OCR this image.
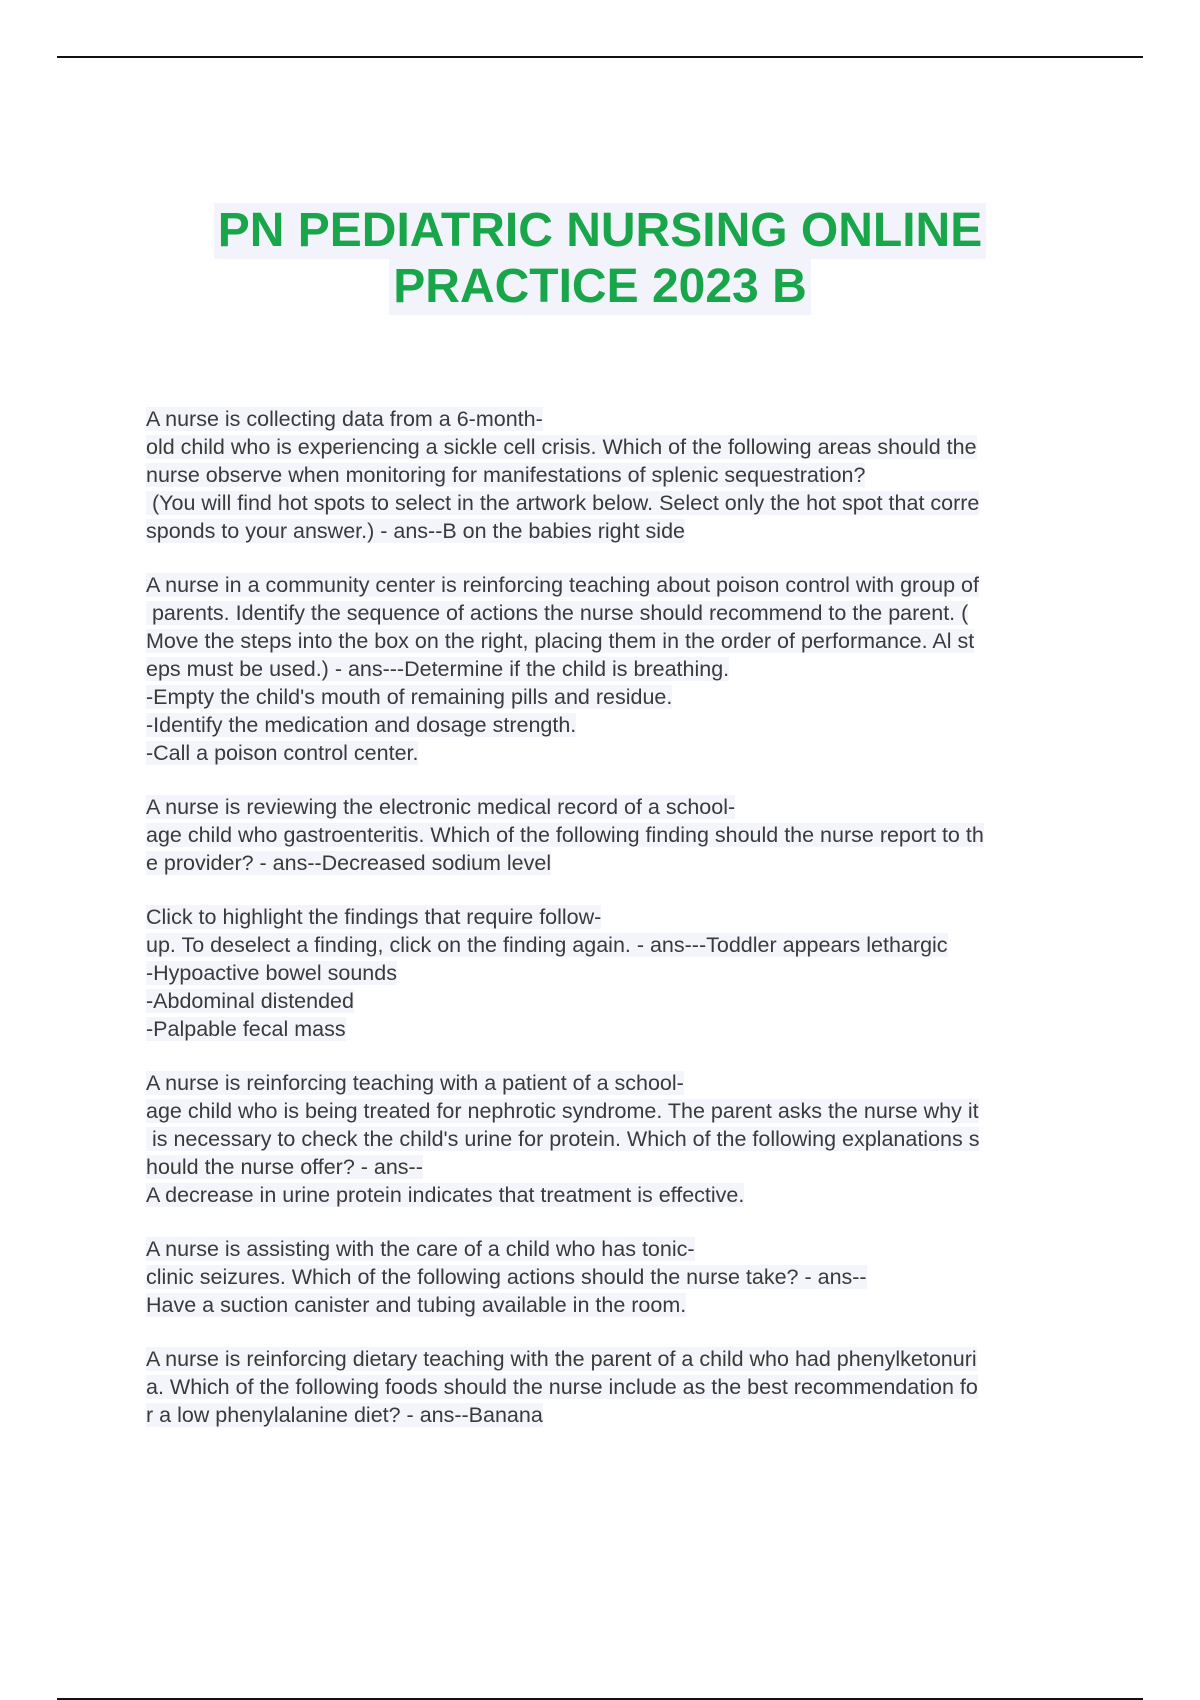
PN PEDIATRIC NURSING ONLINE
PRACTICE 2023 B
A nurse is collecting data from a 6-month-
old child who is experiencing a sickle cell crisis. Which of the following areas should the
nurse observe when monitoring for manifestations of splenic sequestration?
(You will find hot spots to select in the artwork below. Select only the hot spot that corre
sponds to your answer.) - ans--B on the babies right side
A nurse in a community center is reinforcing teaching about poison control with group of
parents. Identify the sequence of actions the nurse should recommend to the parent. (
Move the steps into the box on the right, placing them in the order of performance. Al st
eps must be used.) - ans---Determine if the child is breathing.
-Empty the child's mouth of remaining pills and residue.
-Identify the medication and dosage strength.
-Call a poison control center.
A nurse is reviewing the electronic medical record of a school-
age child who gastroenteritis. Which of the following finding should the nurse report to th
e provider? - ans--Decreased sodium level
Click to highlight the findings that require follow-
up. To deselect a finding, click on the finding again. - ans---Toddler appears lethargic
-Hypoactive bowel sounds
-Abdominal distended
-Palpable fecal mass
A nurse is reinforcing teaching with a patient of a school-
age child who is being treated for nephrotic syndrome. The parent asks the nurse why it
is necessary to check the child's urine for protein. Which of the following explanations s
hould the nurse offer? - ans--
A decrease in urine protein indicates that treatment is effective.
A nurse is assisting with the care of a child who has tonic-
clinic seizures. Which of the following actions should the nurse take? - ans--
Have a suction canister and tubing available in the room.
A nurse is reinforcing dietary teaching with the parent of a child who had phenylketonuri
a. Which of the following foods should the nurse include as the best recommendation fo
r a low phenylalanine diet? - ans--Banana
